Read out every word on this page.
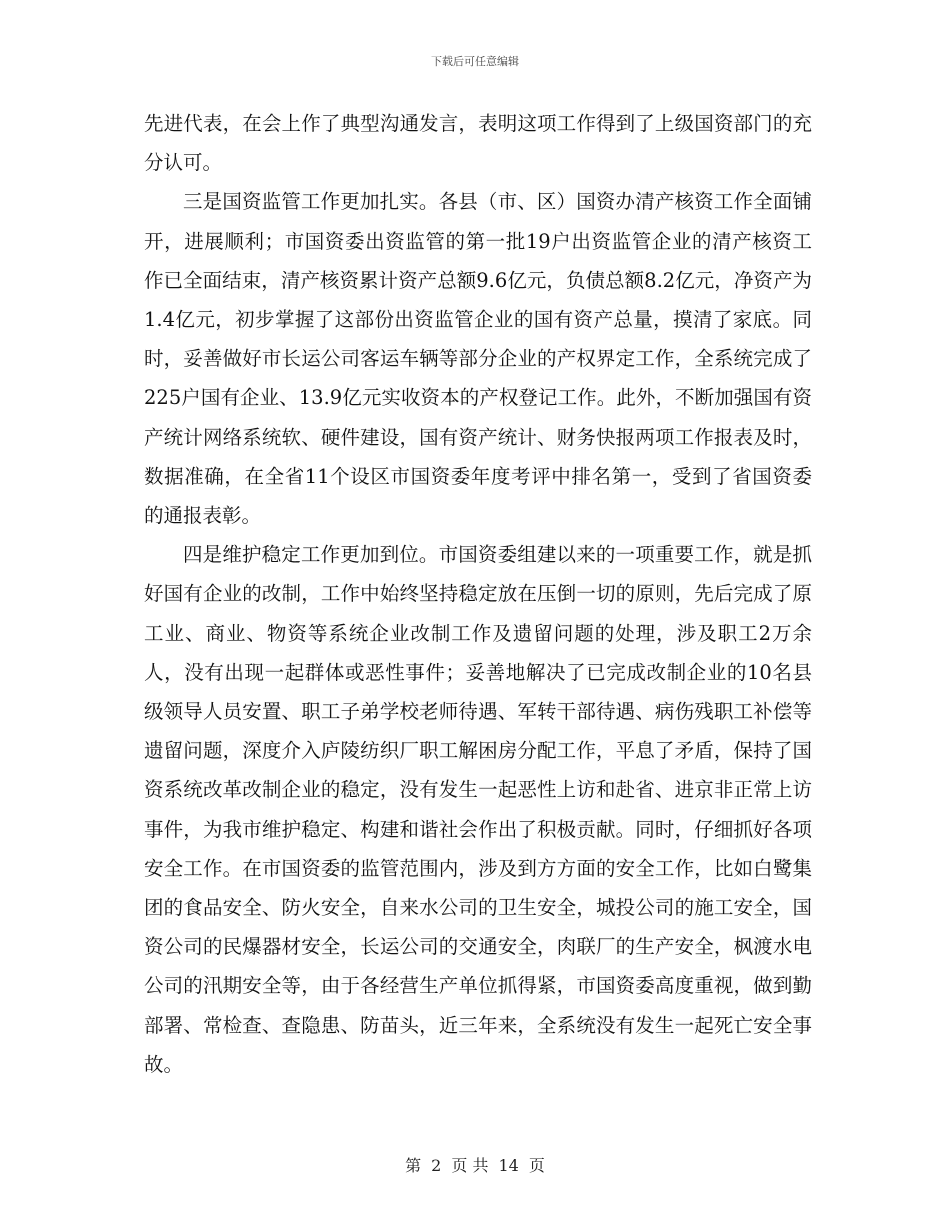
下载后可任意编辑

先进代表，在会上作了典型沟通发言，表明这项工作得到了上级国资部门的充分认可。

三是国资监管工作更加扎实。各县（市、区）国资办清产核资工作全面铺开，进展顺利；市国资委出资监管的第一批19户出资监管企业的清产核资工作已全面结束，清产核资累计资产总额9.6亿元，负债总额8.2亿元，净资产为1.4亿元，初步掌握了这部份出资监管企业的国有资产总量，摸清了家底。同时，妥善做好市长运公司客运车辆等部分企业的产权界定工作，全系统完成了225户国有企业、13.9亿元实收资本的产权登记工作。此外，不断加强国有资产统计网络系统软、硬件建设，国有资产统计、财务快报两项工作报表及时，数据准确，在全省11个设区市国资委年度考评中排名第一，受到了省国资委的通报表彰。

四是维护稳定工作更加到位。市国资委组建以来的一项重要工作，就是抓好国有企业的改制，工作中始终坚持稳定放在压倒一切的原则，先后完成了原工业、商业、物资等系统企业改制工作及遗留问题的处理，涉及职工2万余人，没有出现一起群体或恶性事件；妥善地解决了已完成改制企业的10名县级领导人员安置、职工子弟学校老师待遇、军转干部待遇、病伤残职工补偿等遗留问题，深度介入庐陵纺织厂职工解困房分配工作，平息了矛盾，保持了国资系统改革改制企业的稳定，没有发生一起恶性上访和赴省、进京非正常上访事件，为我市维护稳定、构建和谐社会作出了积极贡献。同时，仔细抓好各项安全工作。在市国资委的监管范围内，涉及到方方面的安全工作，比如白鹭集团的食品安全、防火安全，自来水公司的卫生安全，城投公司的施工安全，国资公司的民爆器材安全，长运公司的交通安全，肉联厂的生产安全，枫渡水电公司的汛期安全等，由于各经营生产单位抓得紧，市国资委高度重视，做到勤部署、常检查、查隐患、防苗头，近三年来，全系统没有发生一起死亡安全事故。

第 2 页 共 14 页
